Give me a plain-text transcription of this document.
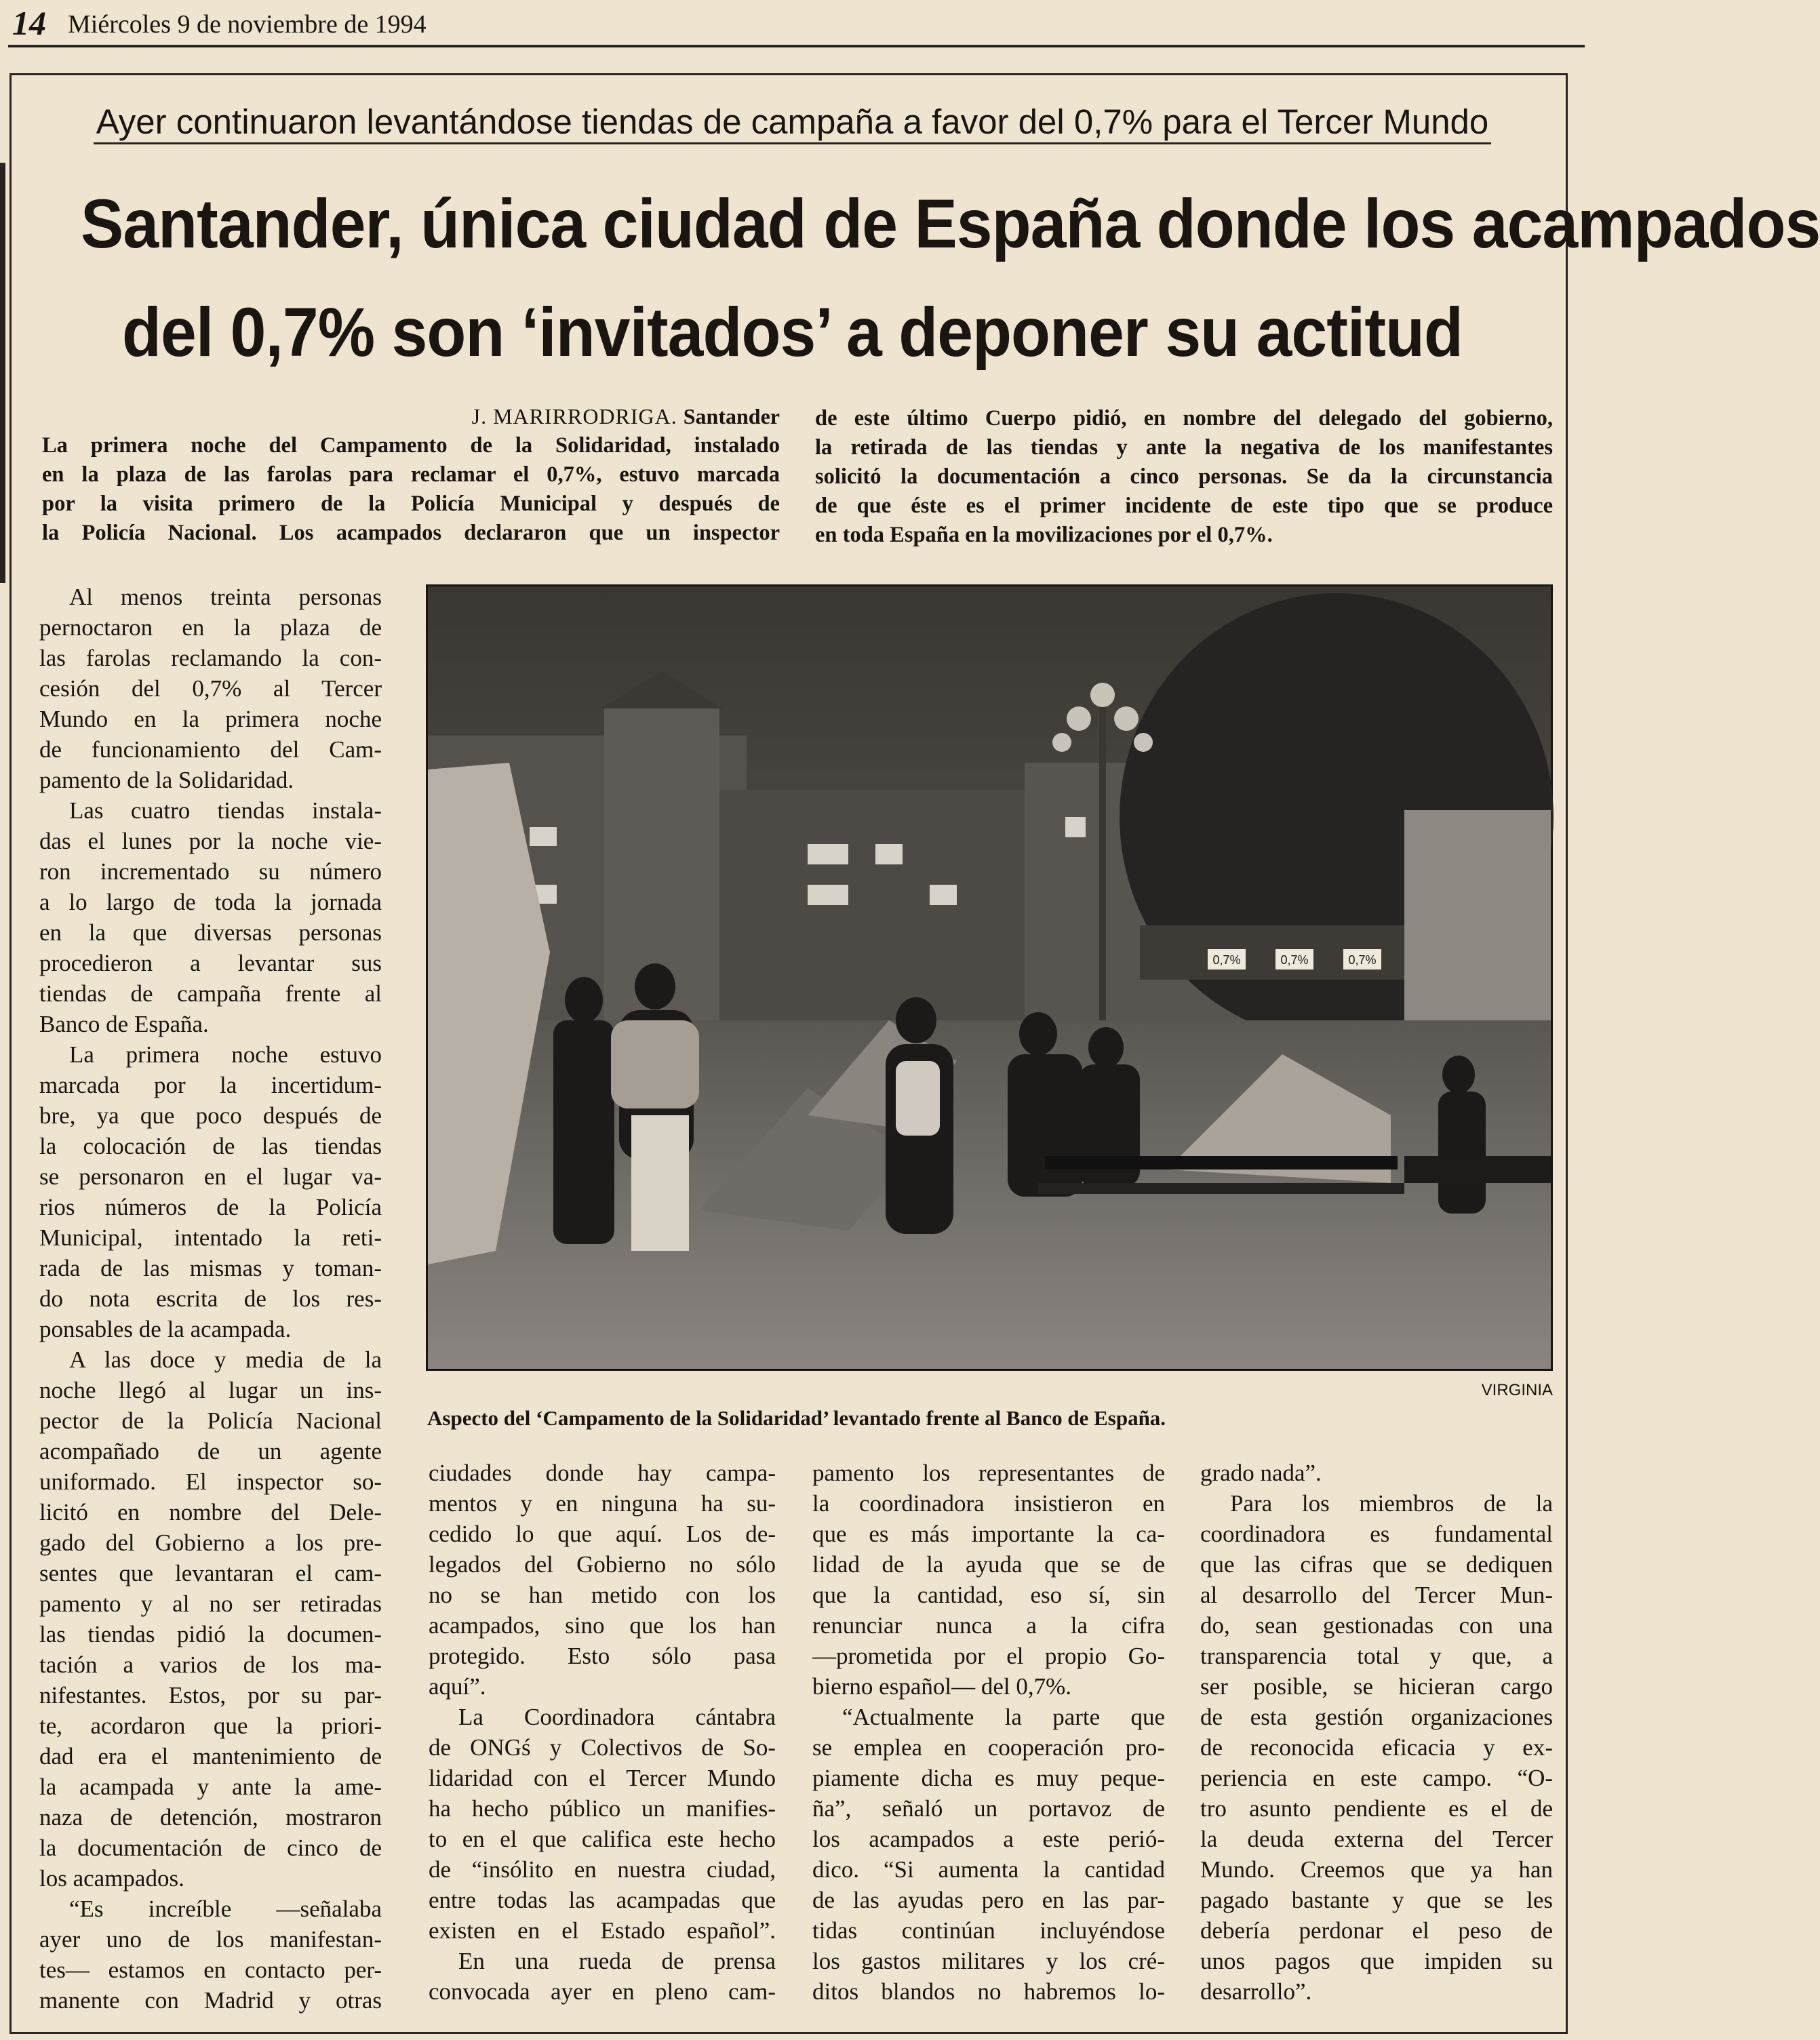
14 Miércoles 9 de noviembre de 1994
Ayer continuaron levantándose tiendas de campaña a favor del 0,7% para el Tercer Mundo
Santander, única ciudad de España donde los acampados
del 0,7% son ‘invitados’ a deponer su actitud
J. MARIRRODRIGA. Santander
La primera noche del Campamento de la Solidaridad, instalado
en la plaza de las farolas para reclamar el 0,7%, estuvo marcada
por la visita primero de la Policía Municipal y después de
la Policía Nacional. Los acampados declararon que un inspector
de este último Cuerpo pidió, en nombre del delegado del gobierno,
la retirada de las tiendas y ante la negativa de los manifestantes
solicitó la documentación a cinco personas. Se da la circunstancia
de que éste es el primer incidente de este tipo que se produce
en toda España en la movilizaciones por el 0,7%.
Al menos treinta personas
pernoctaron en la plaza de
las farolas reclamando la con-
cesión del 0,7% al Tercer
Mundo en la primera noche
de funcionamiento del Cam-
pamento de la Solidaridad.
Las cuatro tiendas instala-
das el lunes por la noche vie-
ron incrementado su número
a lo largo de toda la jornada
en la que diversas personas
procedieron a levantar sus
tiendas de campaña frente al
Banco de España.
La primera noche estuvo
marcada por la incertidum-
bre, ya que poco después de
la colocación de las tiendas
se personaron en el lugar va-
rios números de la Policía
Municipal, intentado la reti-
rada de las mismas y toman-
do nota escrita de los res-
ponsables de la acampada.
A las doce y media de la
noche llegó al lugar un ins-
pector de la Policía Nacional
acompañado de un agente
uniformado. El inspector so-
licitó en nombre del Dele-
gado del Gobierno a los pre-
sentes que levantaran el cam-
pamento y al no ser retiradas
las tiendas pidió la documen-
tación a varios de los ma-
nifestantes. Estos, por su par-
te, acordaron que la priori-
dad era el mantenimiento de
la acampada y ante la ame-
naza de detención, mostraron
la documentación de cinco de
los acampados.
“Es increíble —señalaba
ayer uno de los manifestan-
tes— estamos en contacto per-
manente con Madrid y otras
ciudades donde hay campa-
mentos y en ninguna ha su-
cedido lo que aquí. Los de-
legados del Gobierno no sólo
no se han metido con los
acampados, sino que los han
protegido. Esto sólo pasa
aquí”.
La Coordinadora cántabra
de ONGś y Colectivos de So-
lidaridad con el Tercer Mundo
ha hecho público un manifies-
to en el que califica este hecho
de “insólito en nuestra ciudad,
entre todas las acampadas que
existen en el Estado español”.
En una rueda de prensa
convocada ayer en pleno cam-
pamento los representantes de
la coordinadora insistieron en
que es más importante la ca-
lidad de la ayuda que se de
que la cantidad, eso sí, sin
renunciar nunca a la cifra
—prometida por el propio Go-
bierno español— del 0,7%.
“Actualmente la parte que
se emplea en cooperación pro-
piamente dicha es muy peque-
ña”, señaló un portavoz de
los acampados a este perió-
dico. “Si aumenta la cantidad
de las ayudas pero en las par-
tidas continúan incluyéndose
los gastos militares y los cré-
ditos blandos no habremos lo-
grado nada”.
Para los miembros de la
coordinadora es fundamental
que las cifras que se dediquen
al desarrollo del Tercer Mun-
do, sean gestionadas con una
transparencia total y que, a
ser posible, se hicieran cargo
de esta gestión organizaciones
de reconocida eficacia y ex-
periencia en este campo. “O-
tro asunto pendiente es el de
la deuda externa del Tercer
Mundo. Creemos que ya han
pagado bastante y que se les
debería perdonar el peso de
unos pagos que impiden su
desarrollo”.
0,7%	0,7%	0,7%
VIRGINIA
Aspecto del ‘Campamento de la Solidaridad’ levantado frente al Banco de España.
